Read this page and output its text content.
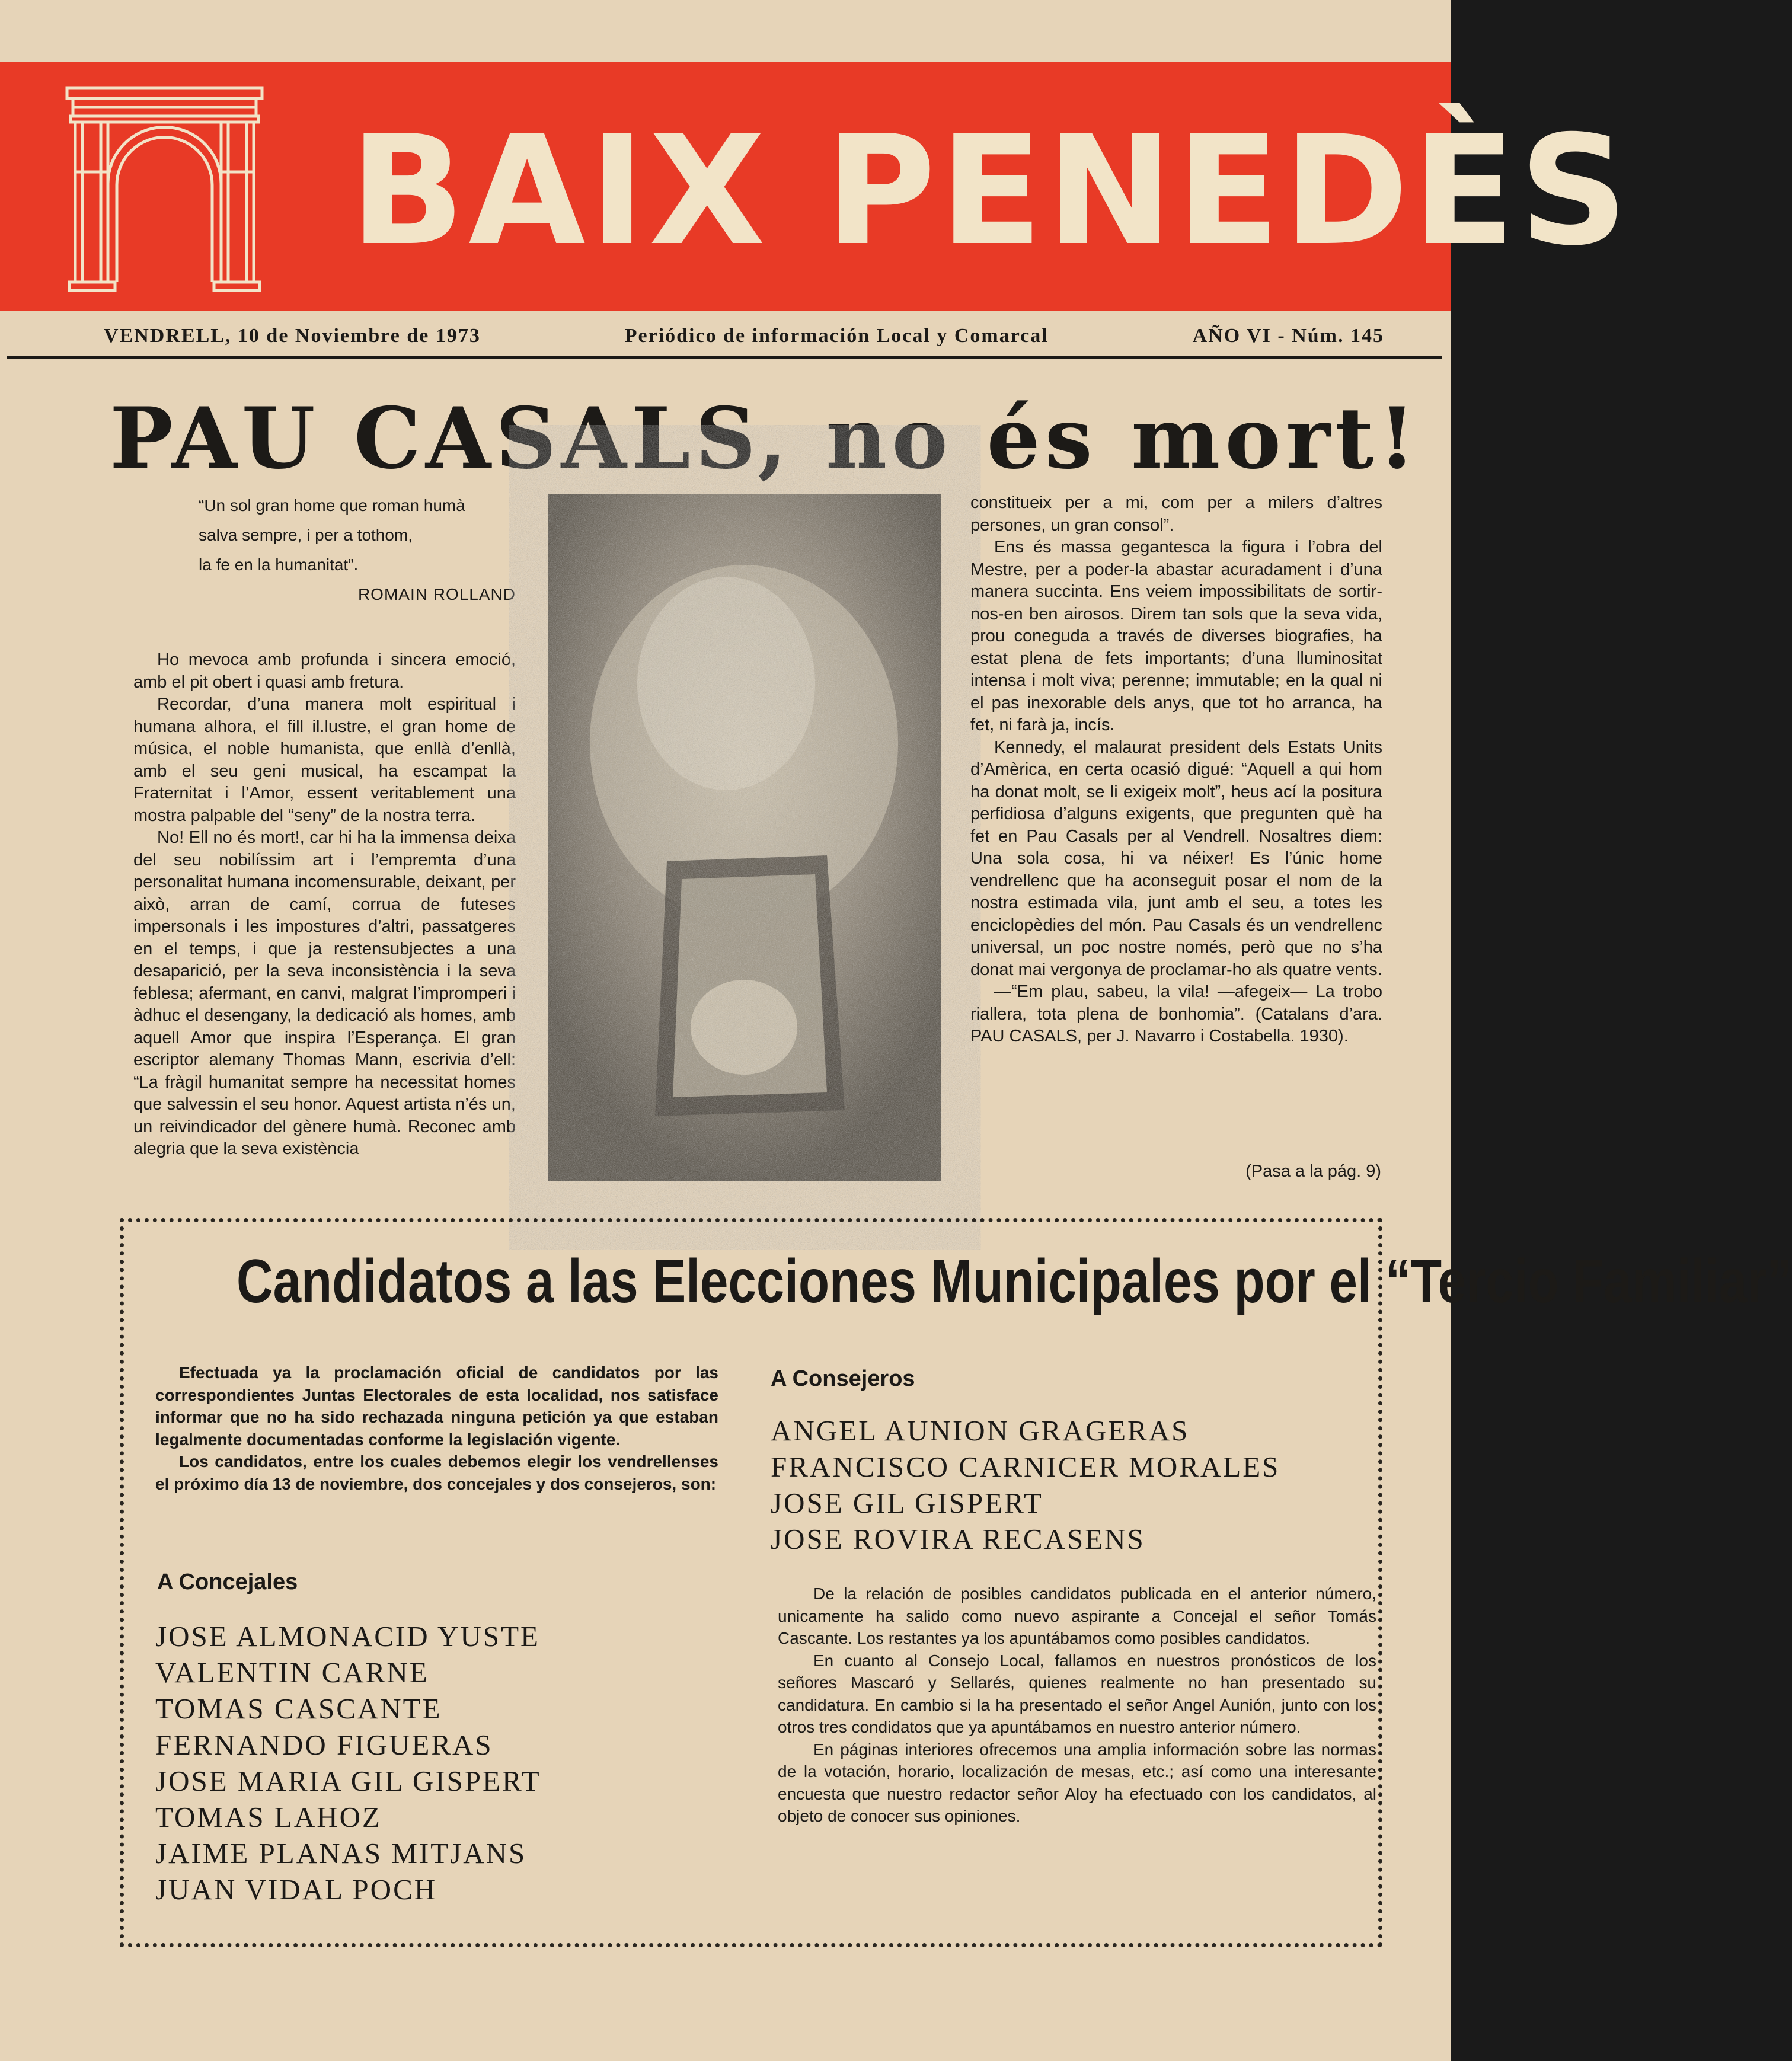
BAIX PENEDÈS
VENDRELL, 10 de Noviembre de 1973	Periódico de información Local y Comarcal	AÑO VI - Núm. 145
PAU CASALS, no és mort!
“Un sol gran home que roman humà
salva sempre, i per a tothom,
la fe en la humanitat”.
ROMAIN ROLLAND

Ho mevoca amb profunda i sincera emoció, amb el pit obert i quasi amb fretura.

Recordar, d’una manera molt espiritual i humana alhora, el fill il.lustre, el gran home de música, el noble humanista, que enllà d’enllà, amb el seu geni musical, ha escampat la Fraternitat i l’Amor, essent veritablement una mostra palpable del “seny” de la nostra terra.

No! Ell no és mort!, car hi ha la immensa deixa del seu nobilíssim art i l’empremta d’una personalitat humana incomensurable, deixant, per això, arran de camí, corrua de futeses impersonals i les impostures d’altri, passatgeres en el temps, i que ja restensubjectes a una desaparició, per la seva inconsistència i la seva feblesa; afermant, en canvi, malgrat l’impromperi i àdhuc el desengany, la dedicació als homes, amb aquell Amor que inspira l’Esperança. El gran escriptor alemany Thomas Mann, escrivia d’ell: “La fràgil humanitat sempre ha necessitat homes que salvessin el seu honor. Aquest artista n’és un, un reivindicador del gènere humà. Reconec amb alegria que la seva existència

constitueix per a mi, com per a milers d’altres persones, un gran consol”.

Ens és massa gegantesca la figura i l’obra del Mestre, per a poder-la abastar acuradament i d’una manera succinta. Ens veiem impossibilitats de sortir-nos-en ben airosos. Direm tan sols que la seva vida, prou coneguda a través de diverses biografies, ha estat plena de fets importants; d’una lluminositat intensa i molt viva; perenne; immutable; en la qual ni el pas inexorable dels anys, que tot ho arranca, ha fet, ni farà ja, incís.

Kennedy, el malaurat president dels Estats Units d’Amèrica, en certa ocasió digué: “Aquell a qui hom ha donat molt, se li exigeix molt”, heus ací la positura perfidiosa d’alguns exigents, que pregunten què ha fet en Pau Casals per al Vendrell. Nosaltres diem: Una sola cosa, hi va néixer! Es l’únic home vendrellenc que ha aconseguit posar el nom de la nostra estimada vila, junt amb el seu, a totes les enciclopèdies del món. Pau Casals és un vendrellenc universal, un poc nostre només, però que no s’ha donat mai vergonya de proclamar-ho als quatre vents.

—“Em plau, sabeu, la vila! —afegeix— La trobo riallera, tota plena de bonhomia”. (Catalans d’ara. PAU CASALS, per J. Navarro i Costabella. 1930).

(Pasa a la pág. 9)
Candidatos a las Elecciones Municipales por el “Tercio Familiar”

Efectuada ya la proclamación oficial de candidatos por las correspondientes Juntas Electorales de esta localidad, nos satisface informar que no ha sido rechazada ninguna petición ya que estaban legalmente documentadas conforme la legislación vigente.

Los candidatos, entre los cuales debemos elegir los vendrellenses el próximo día 13 de noviembre, dos concejales y dos consejeros, son:

A Concejales
JOSE ALMONACID YUSTE
VALENTIN CARNE
TOMAS CASCANTE
FERNANDO FIGUERAS
JOSE MARIA GIL GISPERT
TOMAS LAHOZ
JAIME PLANAS MITJANS
JUAN VIDAL POCH
A Consejeros
ANGEL AUNION GRAGERAS
FRANCISCO CARNICER MORALES
JOSE GIL GISPERT
JOSE ROVIRA RECASENS

De la relación de posibles candidatos publicada en el anterior número, unicamente ha salido como nuevo aspirante a Concejal el señor Tomás Cascante. Los restantes ya los apuntábamos como posibles candidatos.

En cuanto al Consejo Local, fallamos en nuestros pronósticos de los señores Mascaró y Sellarés, quienes realmente no han presentado su candidatura. En cambio si la ha presentado el señor Angel Aunión, junto con los otros tres condidatos que ya apuntábamos en nuestro anterior número.

En páginas interiores ofrecemos una amplia información sobre las normas de la votación, horario, localización de mesas, etc.; así como una interesante encuesta que nuestro redactor señor Aloy ha efectuado con los candidatos, al objeto de conocer sus opiniones.
